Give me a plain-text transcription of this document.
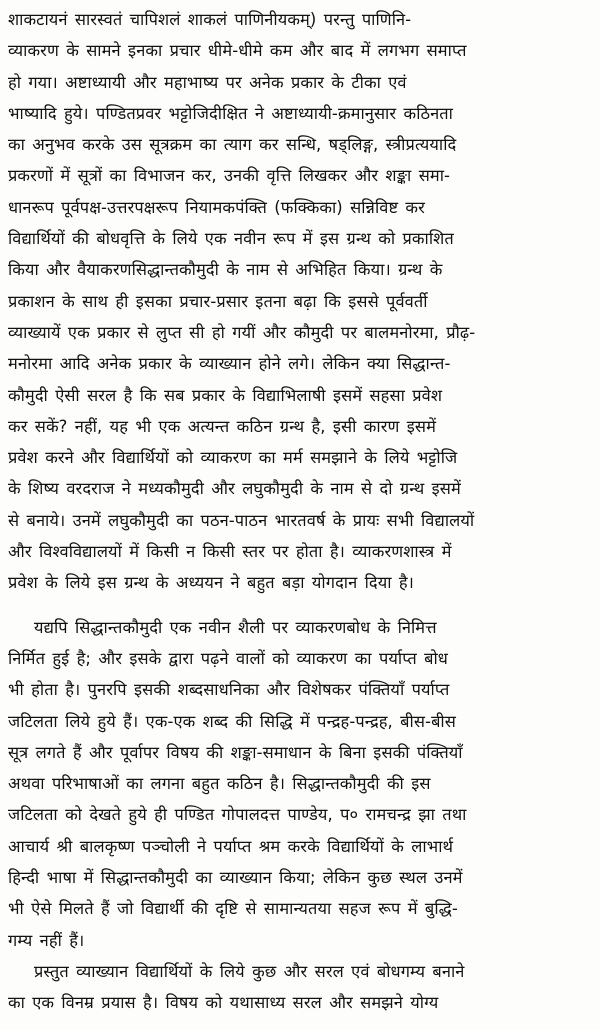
शाकटायनं सारस्वतं चापिशलं शाकलं पाणिनीयकम्) परन्तु पाणिनि-
व्याकरण के सामने इनका प्रचार धीमे-धीमे कम और बाद में लगभग समाप्त
हो गया। अष्टाध्यायी और महाभाष्य पर अनेक प्रकार के टीका एवं
भाष्यादि हुये। पण्डितप्रवर भट्टोजिदीक्षित ने अष्टाध्यायी-क्रमानुसार कठिनता
का अनुभव करके उस सूत्रक्रम का त्याग कर सन्धि, षड्लिङ्ग, स्त्रीप्रत्ययादि
प्रकरणों में सूत्रों का विभाजन कर, उनकी वृत्ति लिखकर और शङ्का समा-
धानरूप पूर्वपक्ष-उत्तरपक्षरूप नियामकपंक्ति (फक्किका) सन्निविष्ट कर
विद्यार्थियों की बोधवृत्ति के लिये एक नवीन रूप में इस ग्रन्थ को प्रकाशित
किया और वैयाकरणसिद्धान्तकौमुदी के नाम से अभिहित किया। ग्रन्थ के
प्रकाशन के साथ ही इसका प्रचार-प्रसार इतना बढ़ा कि इससे पूर्ववर्ती
व्याख्यायें एक प्रकार से लुप्त सी हो गयीं और कौमुदी पर बालमनोरमा, प्रौढ़-
मनोरमा आदि अनेक प्रकार के व्याख्यान होने लगे। लेकिन क्या सिद्धान्त-
कौमुदी ऐसी सरल है कि सब प्रकार के विद्याभिलाषी इसमें सहसा प्रवेश
कर सकें? नहीं, यह भी एक अत्यन्त कठिन ग्रन्थ है, इसी कारण इसमें
प्रवेश करने और विद्यार्थियों को व्याकरण का मर्म समझाने के लिये भट्टोजि
के शिष्य वरदराज ने मध्यकौमुदी और लघुकौमुदी के नाम से दो ग्रन्थ इसमें
से बनाये। उनमें लघुकौमुदी का पठन-पाठन भारतवर्ष के प्रायः सभी विद्यालयों
और विश्वविद्यालयों में किसी न किसी स्तर पर होता है। व्याकरणशास्त्र में
प्रवेश के लिये इस ग्रन्थ के अध्ययन ने बहुत बड़ा योगदान दिया है।
यद्यपि सिद्धान्तकौमुदी एक नवीन शैली पर व्याकरणबोध के निमित्त
निर्मित हुई है; और इसके द्वारा पढ़ने वालों को व्याकरण का पर्याप्त बोध
भी होता है। पुनरपि इसकी शब्दसाधनिका और विशेषकर पंक्तियाँ पर्याप्त
जटिलता लिये हुये हैं। एक-एक शब्द की सिद्धि में पन्द्रह-पन्द्रह, बीस-बीस
सूत्र लगते हैं और पूर्वापर विषय की शङ्का-समाधान के बिना इसकी पंक्तियाँ
अथवा परिभाषाओं का लगना बहुत कठिन है। सिद्धान्तकौमुदी की इस
जटिलता को देखते हुये ही पण्डित गोपालदत्त पाण्डेय, प० रामचन्द्र झा तथा
आचार्य श्री बालकृष्ण पञ्चोली ने पर्याप्त श्रम करके विद्यार्थियों के लाभार्थ
हिन्दी भाषा में सिद्धान्तकौमुदी का व्याख्यान किया; लेकिन कुछ स्थल उनमें
भी ऐसे मिलते हैं जो विद्यार्थी की दृष्टि से सामान्यतया सहज रूप में बुद्धि-
गम्य नहीं हैं।
प्रस्तुत व्याख्यान विद्यार्थियों के लिये कुछ और सरल एवं बोधगम्य बनाने
का एक विनम्र प्रयास है। विषय को यथासाध्य सरल और समझने योग्य
